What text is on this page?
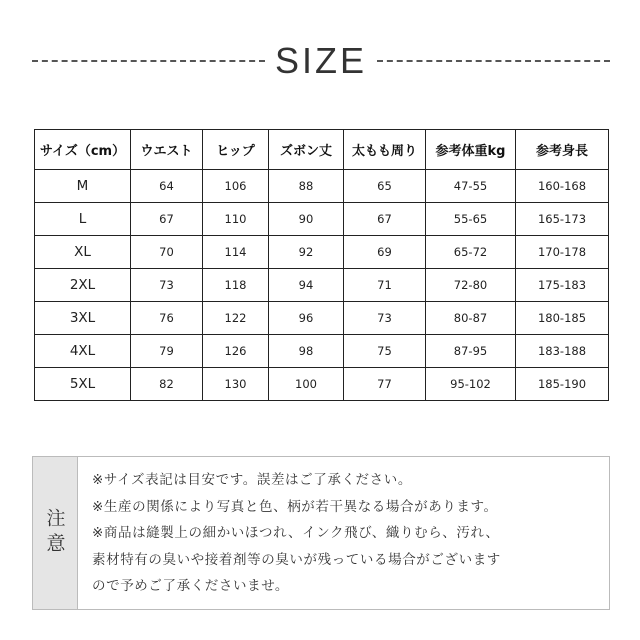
SIZE
サイズ（cm）	ウエスト	ヒップ	ズボン丈	太もも周り	参考体重kg	参考身長
M	64	106	88	65	47-55	160-168
L	67	110	90	67	55-65	165-173
XL	70	114	92	69	65-72	170-178
2XL	73	118	94	71	72-80	175-183
3XL	76	122	96	73	80-87	180-185
4XL	79	126	98	75	87-95	183-188
5XL	82	130	100	77	95-102	185-190
注意
※サイズ表記は目安です。誤差はご了承ください。
※生産の関係により写真と色、柄が若干異なる場合があります。
※商品は縫製上の細かいほつれ、インク飛び、織りむら、汚れ、
素材特有の臭いや接着剤等の臭いが残っている場合がございます
ので予めご了承くださいませ。
